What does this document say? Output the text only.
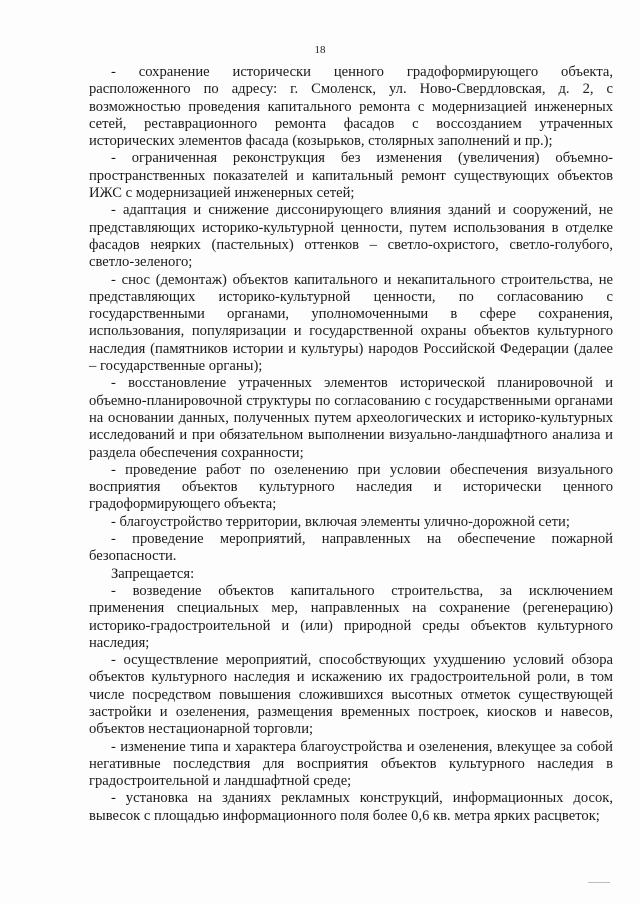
18

- сохранение исторически ценного градоформирующего объекта, расположенного по адресу: г. Смоленск, ул. Ново-Свердловская, д. 2, с возможностью проведения капитального ремонта с модернизацией инженерных сетей, реставрационного ремонта фасадов с воссозданием утраченных исторических элементов фасада (козырьков, столярных заполнений и пр.);

- ограниченная реконструкция без изменения (увеличения) объемно-пространственных показателей и капитальный ремонт существующих объектов ИЖС с модернизацией инженерных сетей;

- адаптация и снижение диссонирующего влияния зданий и сооружений, не представляющих историко-культурной ценности, путем использования в отделке фасадов неярких (пастельных) оттенков – светло-охристого, светло-голубого, светло-зеленого;

- снос (демонтаж) объектов капитального и некапитального строительства, не представляющих историко-культурной ценности, по согласованию с государственными органами, уполномоченными в сфере сохранения, использования, популяризации и государственной охраны объектов культурного наследия (памятников истории и культуры) народов Российской Федерации (далее – государственные органы);

- восстановление утраченных элементов исторической планировочной и объемно-планировочной структуры по согласованию с государственными органами на основании данных, полученных путем археологических и историко-культурных исследований и при обязательном выполнении визуально-ландшафтного анализа и раздела обеспечения сохранности;

- проведение работ по озеленению при условии обеспечения визуального восприятия объектов культурного наследия и исторически ценного градоформирующего объекта;

- благоустройство территории, включая элементы улично-дорожной сети;

- проведение мероприятий, направленных на обеспечение пожарной безопасности.

Запрещается:

- возведение объектов капитального строительства, за исключением применения специальных мер, направленных на сохранение (регенерацию) историко-градостроительной и (или) природной среды объектов культурного наследия;

- осуществление мероприятий, способствующих ухудшению условий обзора объектов культурного наследия и искажению их градостроительной роли, в том числе посредством повышения сложившихся высотных отметок существующей застройки и озеленения, размещения временных построек, киосков и навесов, объектов нестационарной торговли;

- изменение типа и характера благоустройства и озеленения, влекущее за собой негативные последствия для восприятия объектов культурного наследия в градостроительной и ландшафтной среде;

- установка на зданиях рекламных конструкций, информационных досок, вывесок с площадью информационного поля более 0,6 кв. метра ярких расцветок;
